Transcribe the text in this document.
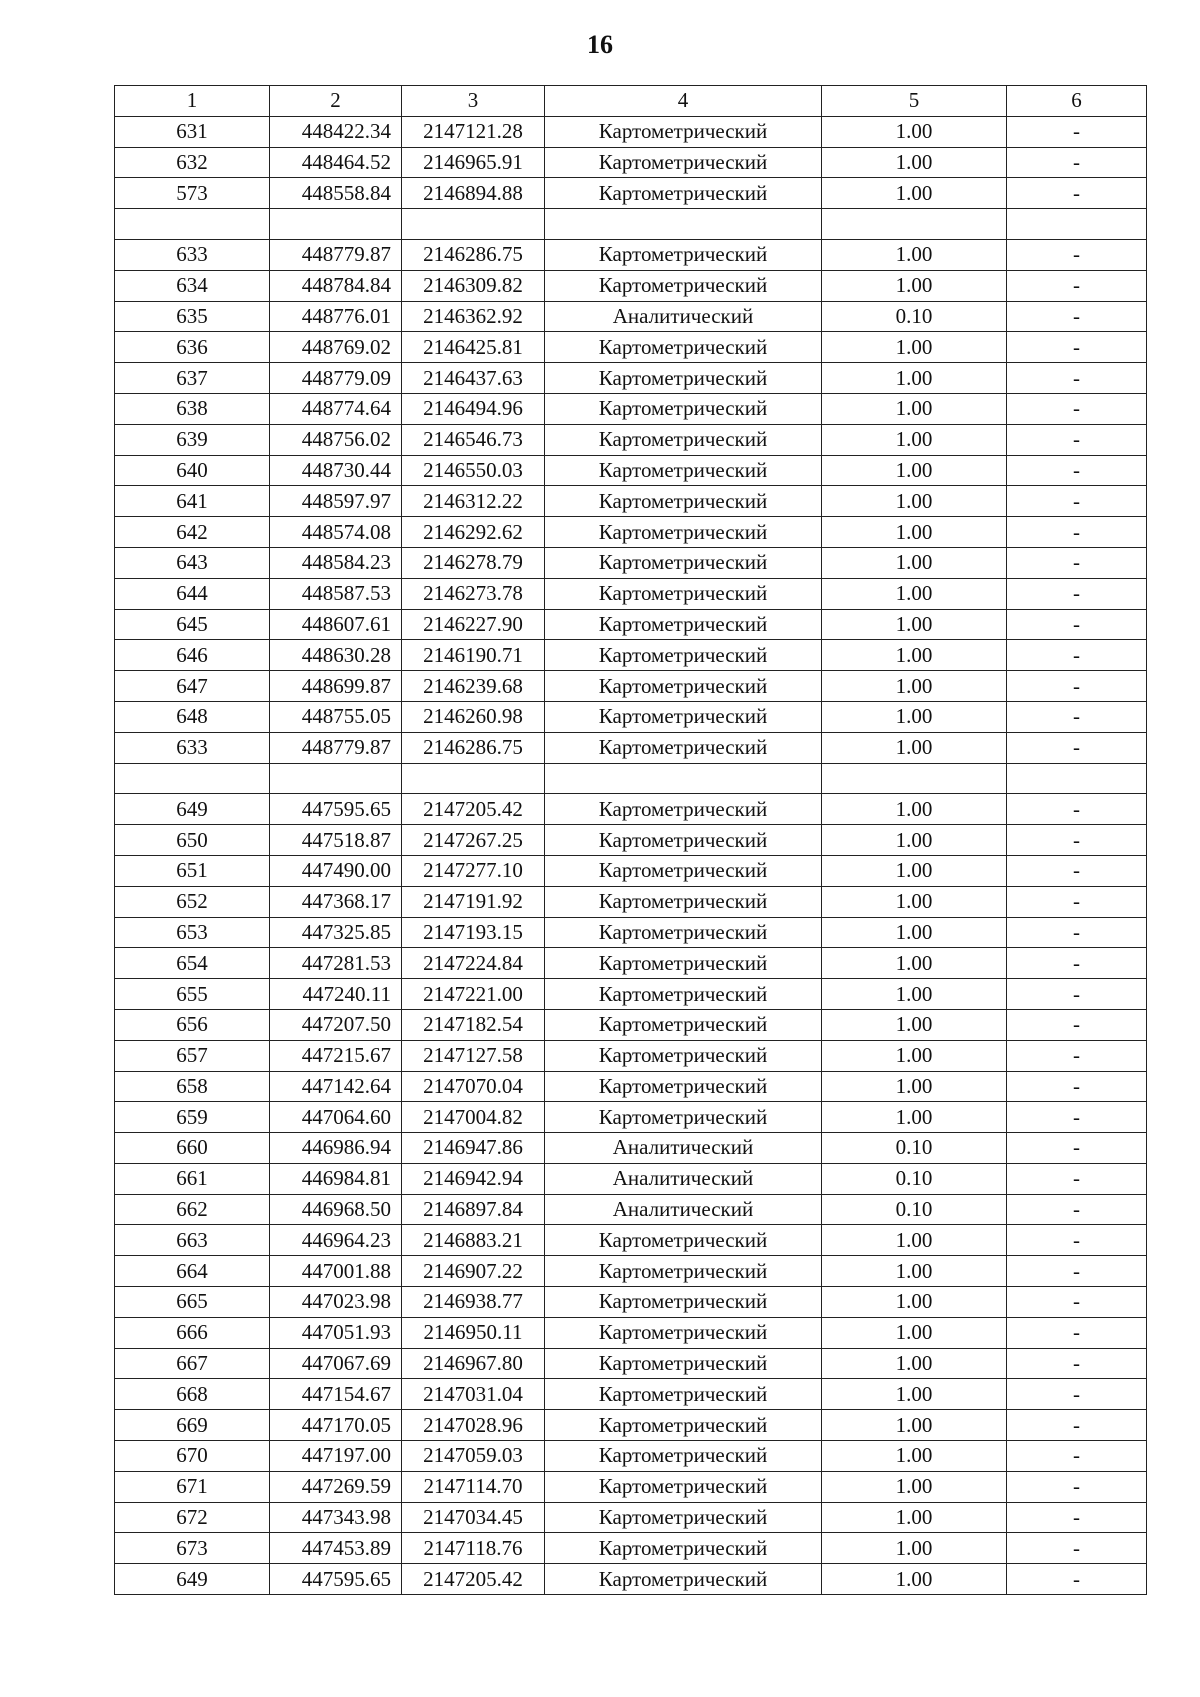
16
1	2	3	4	5	6
631	448422.34	2147121.28	Картометрический	1.00	-
632	448464.52	2146965.91	Картометрический	1.00	-
573	448558.84	2146894.88	Картометрический	1.00	-

633	448779.87	2146286.75	Картометрический	1.00	-
634	448784.84	2146309.82	Картометрический	1.00	-
635	448776.01	2146362.92	Аналитический	0.10	-
636	448769.02	2146425.81	Картометрический	1.00	-
637	448779.09	2146437.63	Картометрический	1.00	-
638	448774.64	2146494.96	Картометрический	1.00	-
639	448756.02	2146546.73	Картометрический	1.00	-
640	448730.44	2146550.03	Картометрический	1.00	-
641	448597.97	2146312.22	Картометрический	1.00	-
642	448574.08	2146292.62	Картометрический	1.00	-
643	448584.23	2146278.79	Картометрический	1.00	-
644	448587.53	2146273.78	Картометрический	1.00	-
645	448607.61	2146227.90	Картометрический	1.00	-
646	448630.28	2146190.71	Картометрический	1.00	-
647	448699.87	2146239.68	Картометрический	1.00	-
648	448755.05	2146260.98	Картометрический	1.00	-
633	448779.87	2146286.75	Картометрический	1.00	-

649	447595.65	2147205.42	Картометрический	1.00	-
650	447518.87	2147267.25	Картометрический	1.00	-
651	447490.00	2147277.10	Картометрический	1.00	-
652	447368.17	2147191.92	Картометрический	1.00	-
653	447325.85	2147193.15	Картометрический	1.00	-
654	447281.53	2147224.84	Картометрический	1.00	-
655	447240.11	2147221.00	Картометрический	1.00	-
656	447207.50	2147182.54	Картометрический	1.00	-
657	447215.67	2147127.58	Картометрический	1.00	-
658	447142.64	2147070.04	Картометрический	1.00	-
659	447064.60	2147004.82	Картометрический	1.00	-
660	446986.94	2146947.86	Аналитический	0.10	-
661	446984.81	2146942.94	Аналитический	0.10	-
662	446968.50	2146897.84	Аналитический	0.10	-
663	446964.23	2146883.21	Картометрический	1.00	-
664	447001.88	2146907.22	Картометрический	1.00	-
665	447023.98	2146938.77	Картометрический	1.00	-
666	447051.93	2146950.11	Картометрический	1.00	-
667	447067.69	2146967.80	Картометрический	1.00	-
668	447154.67	2147031.04	Картометрический	1.00	-
669	447170.05	2147028.96	Картометрический	1.00	-
670	447197.00	2147059.03	Картометрический	1.00	-
671	447269.59	2147114.70	Картометрический	1.00	-
672	447343.98	2147034.45	Картометрический	1.00	-
673	447453.89	2147118.76	Картометрический	1.00	-
649	447595.65	2147205.42	Картометрический	1.00	-
